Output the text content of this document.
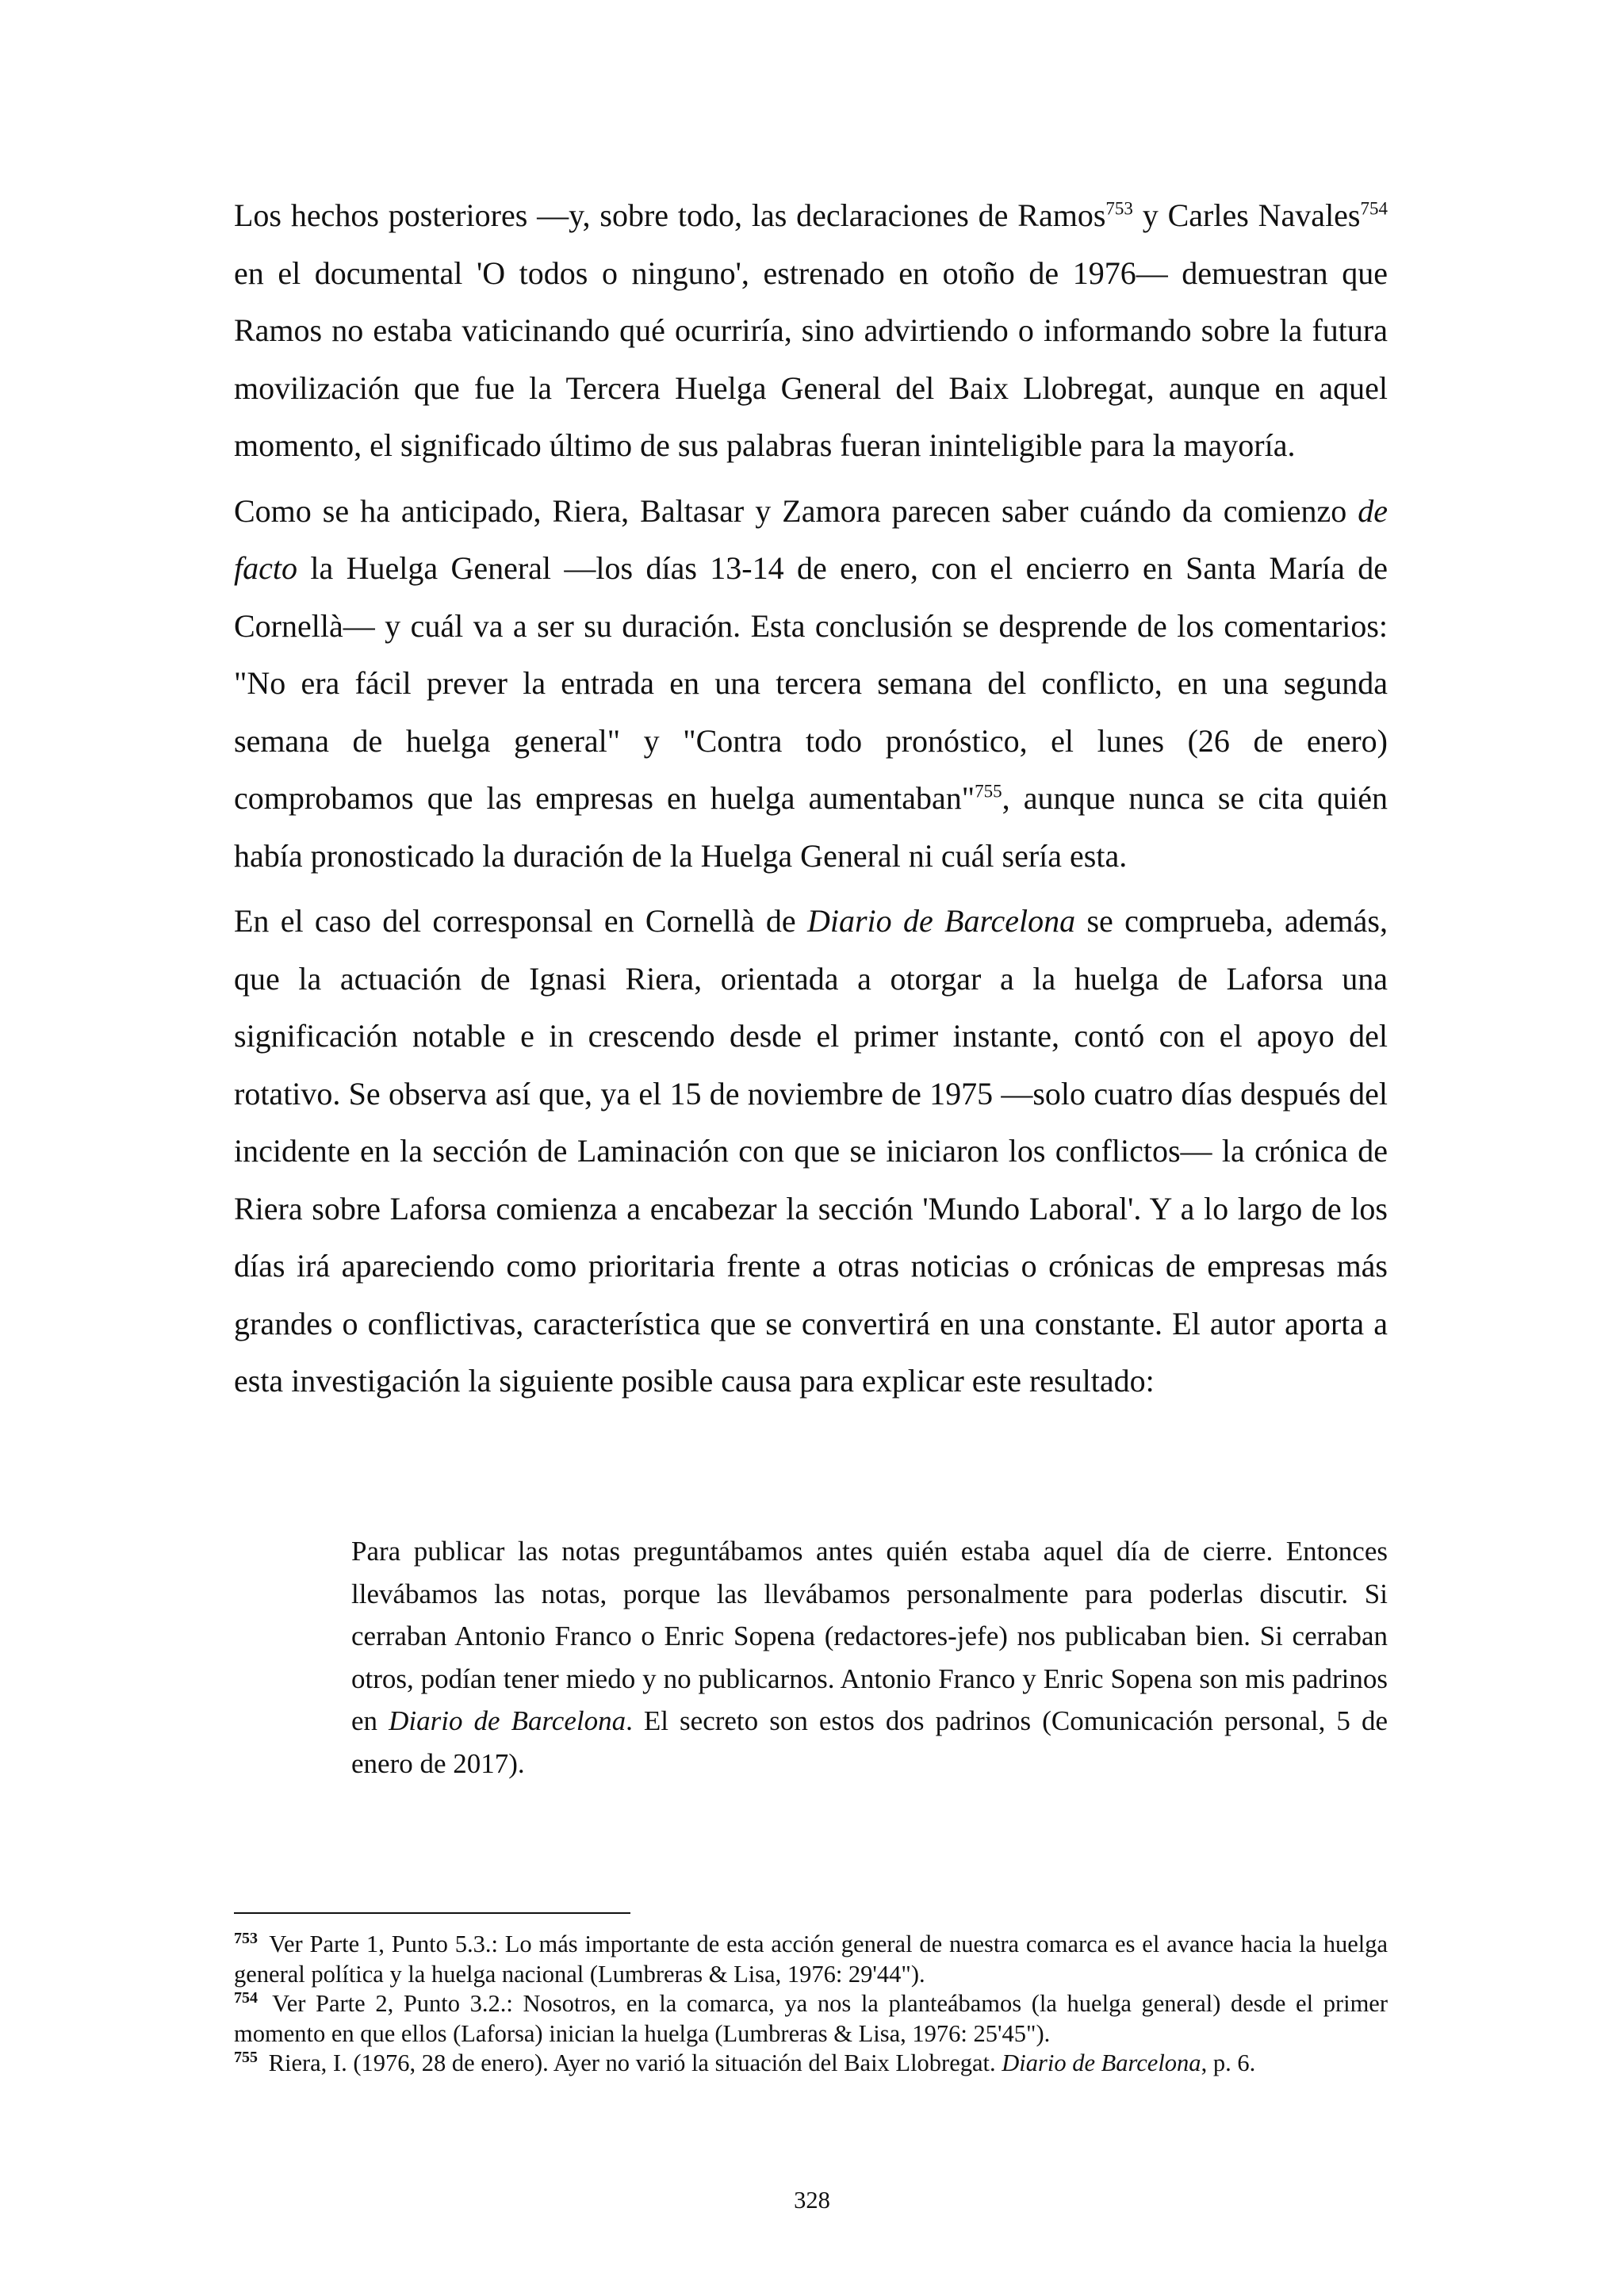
Los hechos posteriores —y, sobre todo, las declaraciones de Ramos$^{753}$ y Carles Navales$^{754}$ en el documental 'O todos o ninguno', estrenado en otoño de 1976— demuestran que Ramos no estaba vaticinando qué ocurriría, sino advirtiendo o informando sobre la futura movilización que fue la Tercera Huelga General del Baix Llobregat, aunque en aquel momento, el significado último de sus palabras fueran ininteligible para la mayoría.

Como se ha anticipado, Riera, Baltasar y Zamora parecen saber cuándo da comienzo de facto la Huelga General —los días 13-14 de enero, con el encierro en Santa María de Cornellà— y cuál va a ser su duración. Esta conclusión se desprende de los comentarios: "No era fácil prever la entrada en una tercera semana del conflicto, en una segunda semana de huelga general" y "Contra todo pronóstico, el lunes (26 de enero) comprobamos que las empresas en huelga aumentaban"$^{755}$, aunque nunca se cita quién había pronosticado la duración de la Huelga General ni cuál sería esta.

En el caso del corresponsal en Cornellà de Diario de Barcelona se comprueba, además, que la actuación de Ignasi Riera, orientada a otorgar a la huelga de Laforsa una significación notable e in crescendo desde el primer instante, contó con el apoyo del rotativo. Se observa así que, ya el 15 de noviembre de 1975 —solo cuatro días después del incidente en la sección de Laminación con que se iniciaron los conflictos— la crónica de Riera sobre Laforsa comienza a encabezar la sección 'Mundo Laboral'. Y a lo largo de los días irá apareciendo como prioritaria frente a otras noticias o crónicas de empresas más grandes o conflictivas, característica que se convertirá en una constante. El autor aporta a esta investigación la siguiente posible causa para explicar este resultado:

Para publicar las notas preguntábamos antes quién estaba aquel día de cierre. Entonces llevábamos las notas, porque las llevábamos personalmente para poderlas discutir. Si cerraban Antonio Franco o Enric Sopena (redactores-jefe) nos publicaban bien. Si cerraban otros, podían tener miedo y no publicarnos. Antonio Franco y Enric Sopena son mis padrinos en Diario de Barcelona. El secreto son estos dos padrinos (Comunicación personal, 5 de enero de 2017).

$^{753}$ Ver Parte 1, Punto 5.3.: Lo más importante de esta acción general de nuestra comarca es el avance hacia la huelga general política y la huelga nacional (Lumbreras & Lisa, 1976: 29'44").

$^{754}$ Ver Parte 2, Punto 3.2.: Nosotros, en la comarca, ya nos la planteábamos (la huelga general) desde el primer momento en que ellos (Laforsa) inician la huelga (Lumbreras & Lisa, 1976: 25'45").

$^{755}$ Riera, I. (1976, 28 de enero). Ayer no varió la situación del Baix Llobregat. Diario de Barcelona, p. 6.

328
